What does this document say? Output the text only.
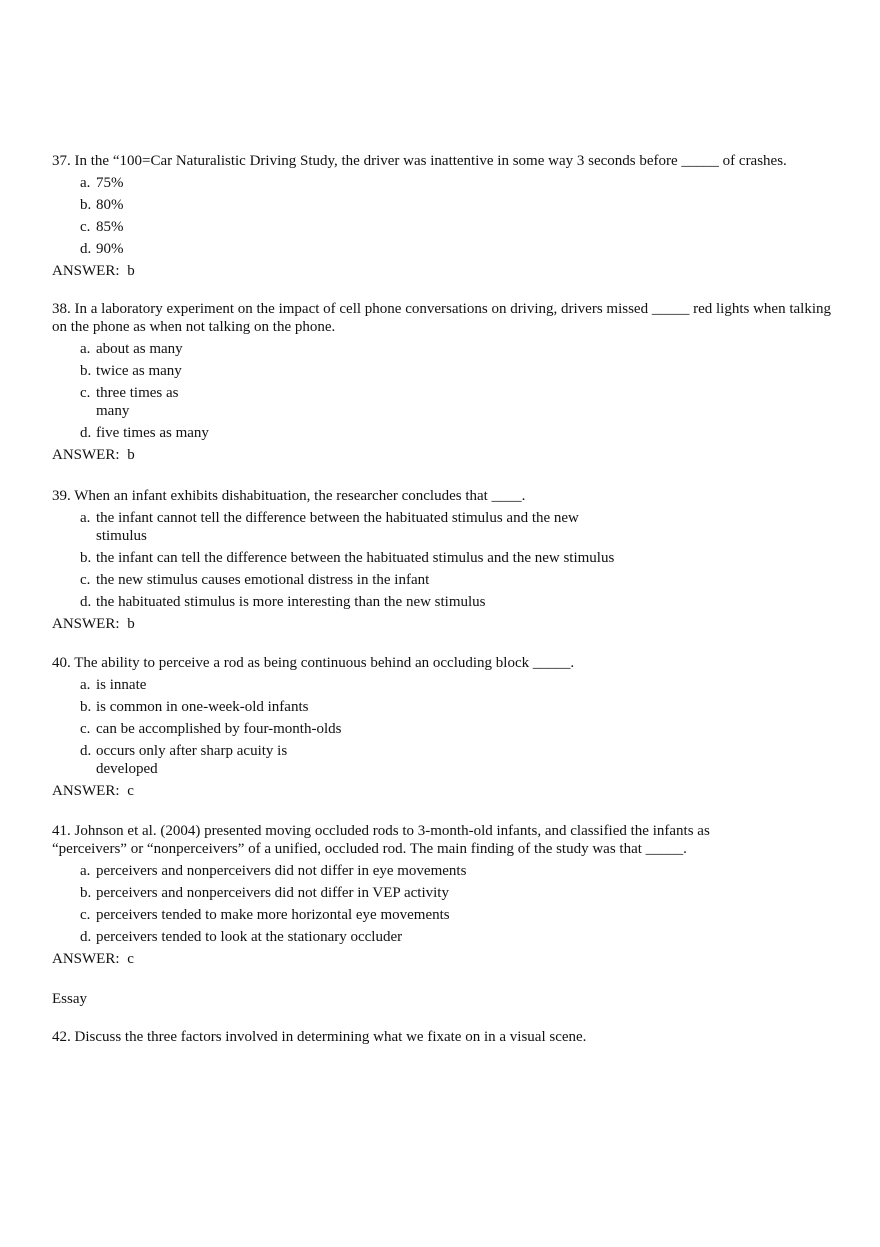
37. In the “100=Car Naturalistic Driving Study, the driver was inattentive in some way 3 seconds before _____ of crashes.

a. 75%
b. 80%
c. 85%
d. 90%
ANSWER: b

38. In a laboratory experiment on the impact of cell phone conversations on driving, drivers missed _____ red lights when talking on the phone as when not talking on the phone.

a. about as many
b. twice as many
c. three times as many
d. five times as many
ANSWER: b

39. When an infant exhibits dishabituation, the researcher concludes that ____.

a. the infant cannot tell the difference between the habituated stimulus and the new stimulus
b. the infant can tell the difference between the habituated stimulus and the new stimulus
c. the new stimulus causes emotional distress in the infant
d. the habituated stimulus is more interesting than the new stimulus
ANSWER: b

40. The ability to perceive a rod as being continuous behind an occluding block _____.

a. is innate
b. is common in one-week-old infants
c. can be accomplished by four-month-olds
d. occurs only after sharp acuity is developed
ANSWER: c

41. Johnson et al. (2004) presented moving occluded rods to 3-month-old infants, and classified the infants as “perceivers” or “nonperceivers” of a unified, occluded rod. The main finding of the study was that _____.

a. perceivers and nonperceivers did not differ in eye movements
b. perceivers and nonperceivers did not differ in VEP activity
c. perceivers tended to make more horizontal eye movements
d. perceivers tended to look at the stationary occluder
ANSWER: c
Essay
42. Discuss the three factors involved in determining what we fixate on in a visual scene.
